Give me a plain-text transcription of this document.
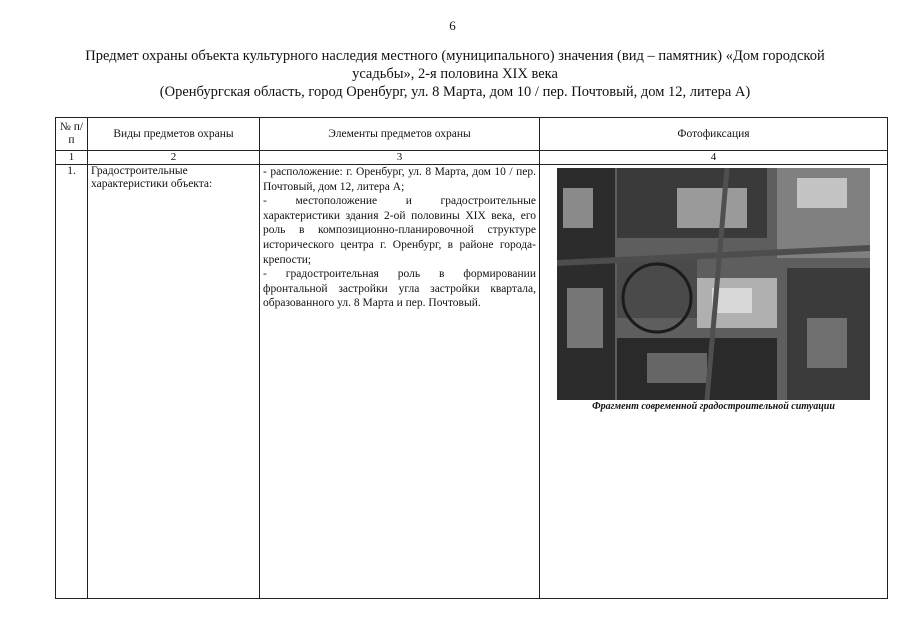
6
Предмет охраны объекта культурного наследия местного (муниципального) значения (вид – памятник) «Дом городской усадьбы», 2-я половина XIX века
(Оренбургская область, город Оренбург, ул. 8 Марта, дом 10 / пер. Почтовый, дом 12, литера А)
№ п/п	Виды предметов охраны	Элементы предметов охраны	Фотофиксация
1	2	3	4
1.	Градостроительные характеристики объекта:	- расположение: г. Оренбург, ул. 8 Марта, дом 10 / пер. Почтовый, дом 12, литера А;

- местоположение и градостроительные характеристики здания 2-ой половины XIX века, его роль в композиционно-планировочной структуре исторического центра г. Оренбург, в районе города-крепости;

- градостроительная роль в формировании фронтальной застройки угла застройки квартала, образованного ул. 8 Марта и пер. Почтовый.	Фрагмент современной градостроительной ситуации
